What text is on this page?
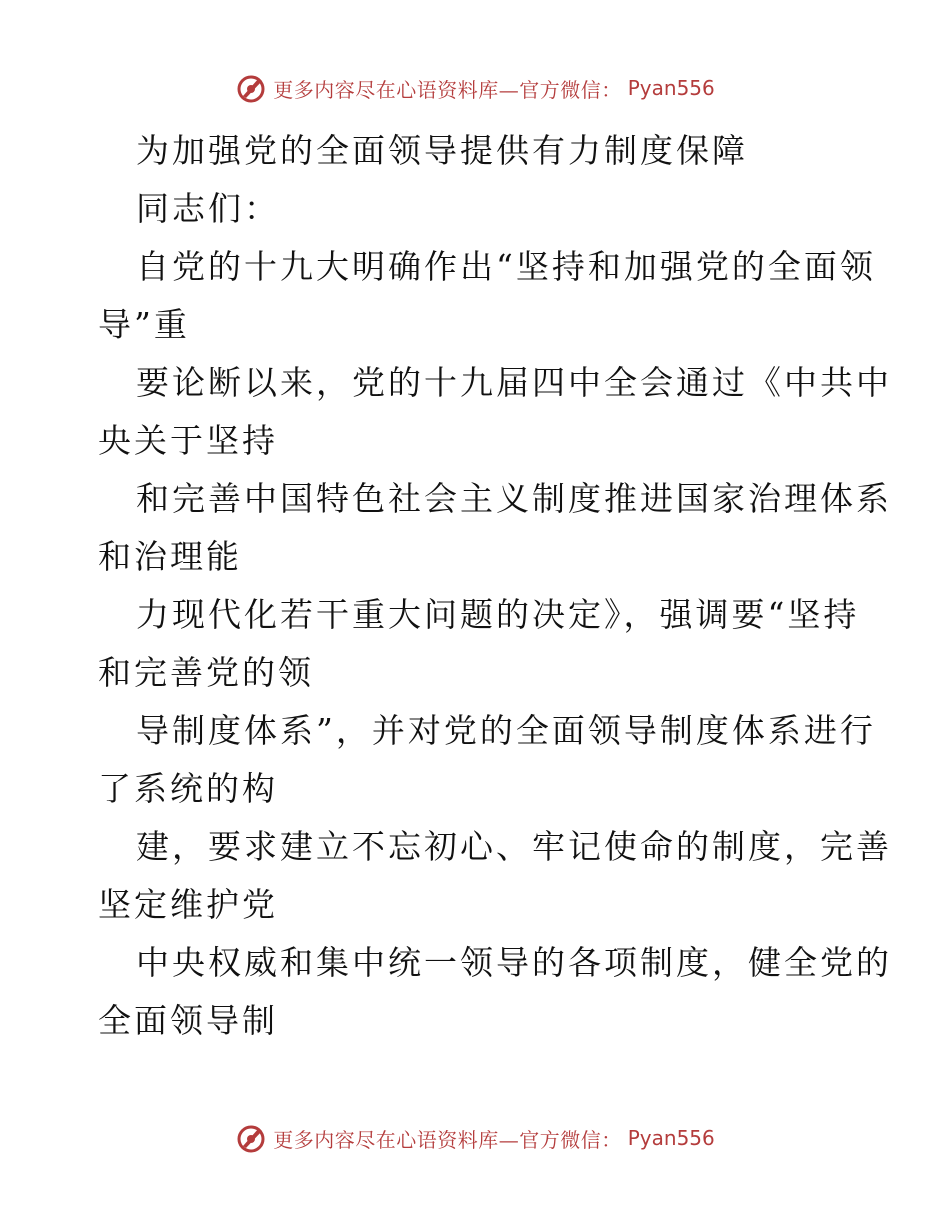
更多内容尽在心语资料库—官方微信： Pyan556
为加强党的全面领导提供有力制度保障
同志们：
自党的十九大明确作出“坚持和加强党的全面领
导”重
要论断以来，党的十九届四中全会通过《中共中
央关于坚持
和完善中国特色社会主义制度推进国家治理体系
和治理能
力现代化若干重大问题的决定》，强调要“坚持
和完善党的领
导制度体系”，并对党的全面领导制度体系进行
了系统的构
建，要求建立不忘初心、牢记使命的制度，完善
坚定维护党
中央权威和集中统一领导的各项制度，健全党的
全面领导制
更多内容尽在心语资料库—官方微信： Pyan556
